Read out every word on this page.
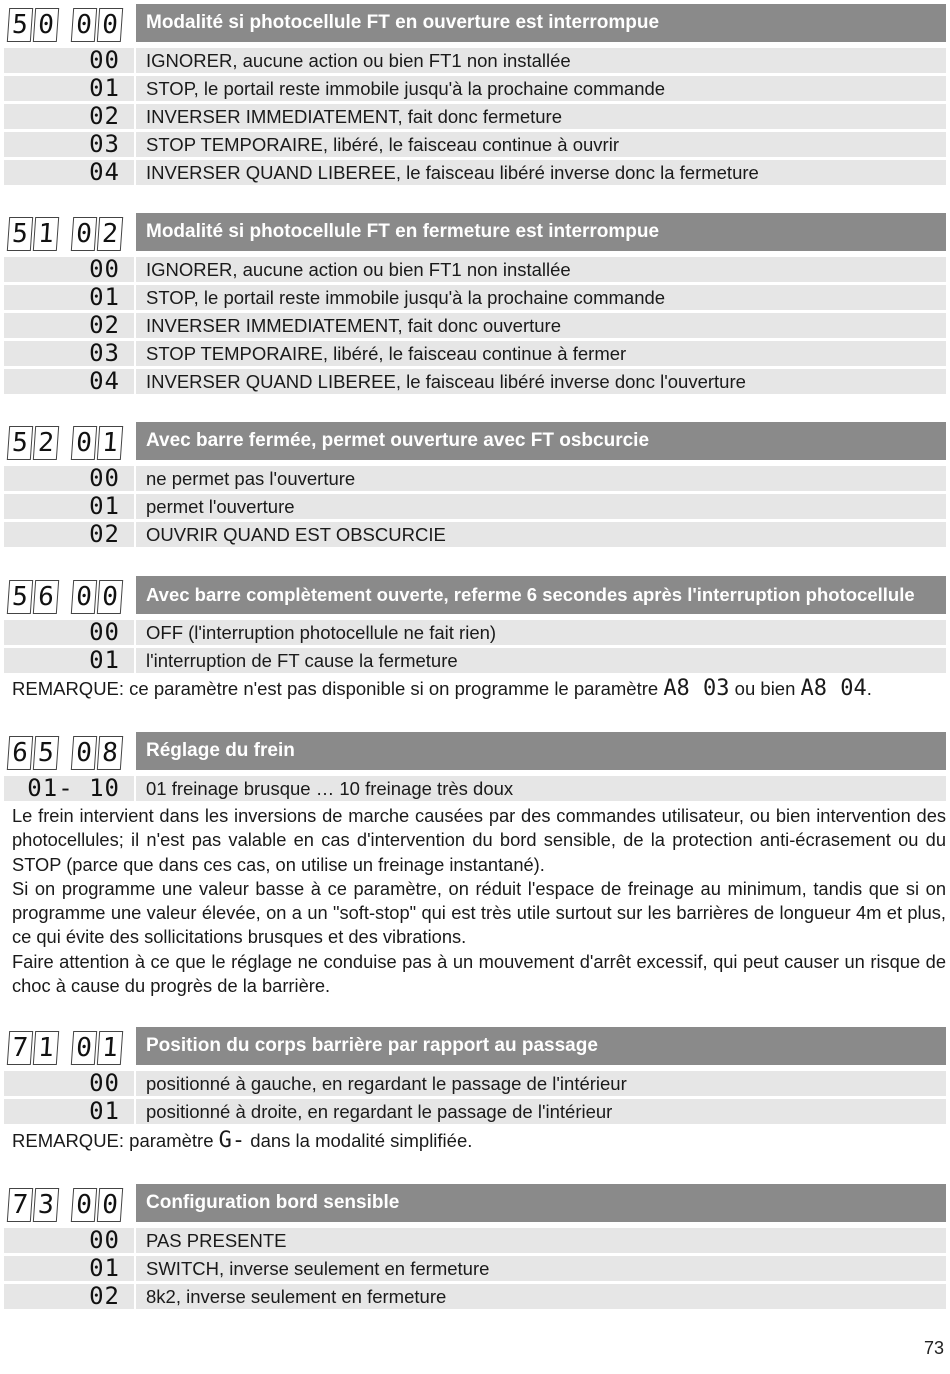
5 0 0 0	Modalité si photocellule FT en ouverture est interrompue
00	IGNORER, aucune action ou bien FT1 non installée
01	STOP, le portail reste immobile jusqu'à la prochaine commande
02	INVERSER IMMEDIATEMENT, fait donc fermeture
03	STOP TEMPORAIRE, libéré, le faisceau continue à ouvrir
04	INVERSER QUAND LIBEREE, le faisceau libéré inverse donc la fermeture
5 1 0 2	Modalité si photocellule FT en fermeture est interrompue
00	IGNORER, aucune action ou bien FT1 non installée
01	STOP, le portail reste immobile jusqu'à la prochaine commande
02	INVERSER IMMEDIATEMENT, fait donc ouverture
03	STOP TEMPORAIRE, libéré, le faisceau continue à fermer
04	INVERSER QUAND LIBEREE, le faisceau libéré inverse donc l'ouverture
5 2 0 1	Avec barre fermée, permet ouverture avec FT osbcurcie
00	ne permet pas l'ouverture
01	permet l'ouverture
02	OUVRIR QUAND EST OBSCURCIE
5 6 0 0	Avec barre complètement ouverte, referme 6 secondes après l'interruption photocellule
00	OFF (l'interruption photocellule ne fait rien)
01	l'interruption de FT cause la fermeture
REMARQUE: ce paramètre n'est pas disponible si on programme le paramètre A8 03 ou bien A8 04.
6 5 0 8	Réglage du frein
01- 10	01 freinage brusque … 10 freinage très doux

Le frein intervient dans les inversions de marche causées par des commandes utilisateur, ou bien intervention des photocellules; il n'est pas valable en cas d'intervention du bord sensible, de la protection anti-écrasement ou du STOP (parce que dans ces cas, on utilise un freinage instantané).

Si on programme une valeur basse à ce paramètre, on réduit l'espace de freinage au minimum, tandis que si on programme une valeur élevée, on a un "soft-stop" qui est très utile surtout sur les barrières de longueur 4m et plus, ce qui évite des sollicitations brusques et des vibrations.

Faire attention à ce que le réglage ne conduise pas à un mouvement d'arrêt excessif, qui peut causer un risque de choc à cause du progrès de la barrière.

7 1 0 1	Position du corps barrière par rapport au passage
00	positionné à gauche, en regardant le passage de l'intérieur
01	positionné à droite, en regardant le passage de l'intérieur
REMARQUE: paramètre G- dans la modalité simplifiée.
7 3 0 0	Configuration bord sensible
00	PAS PRESENTE
01	SWITCH, inverse seulement en fermeture
02	8k2, inverse seulement en fermeture
73
